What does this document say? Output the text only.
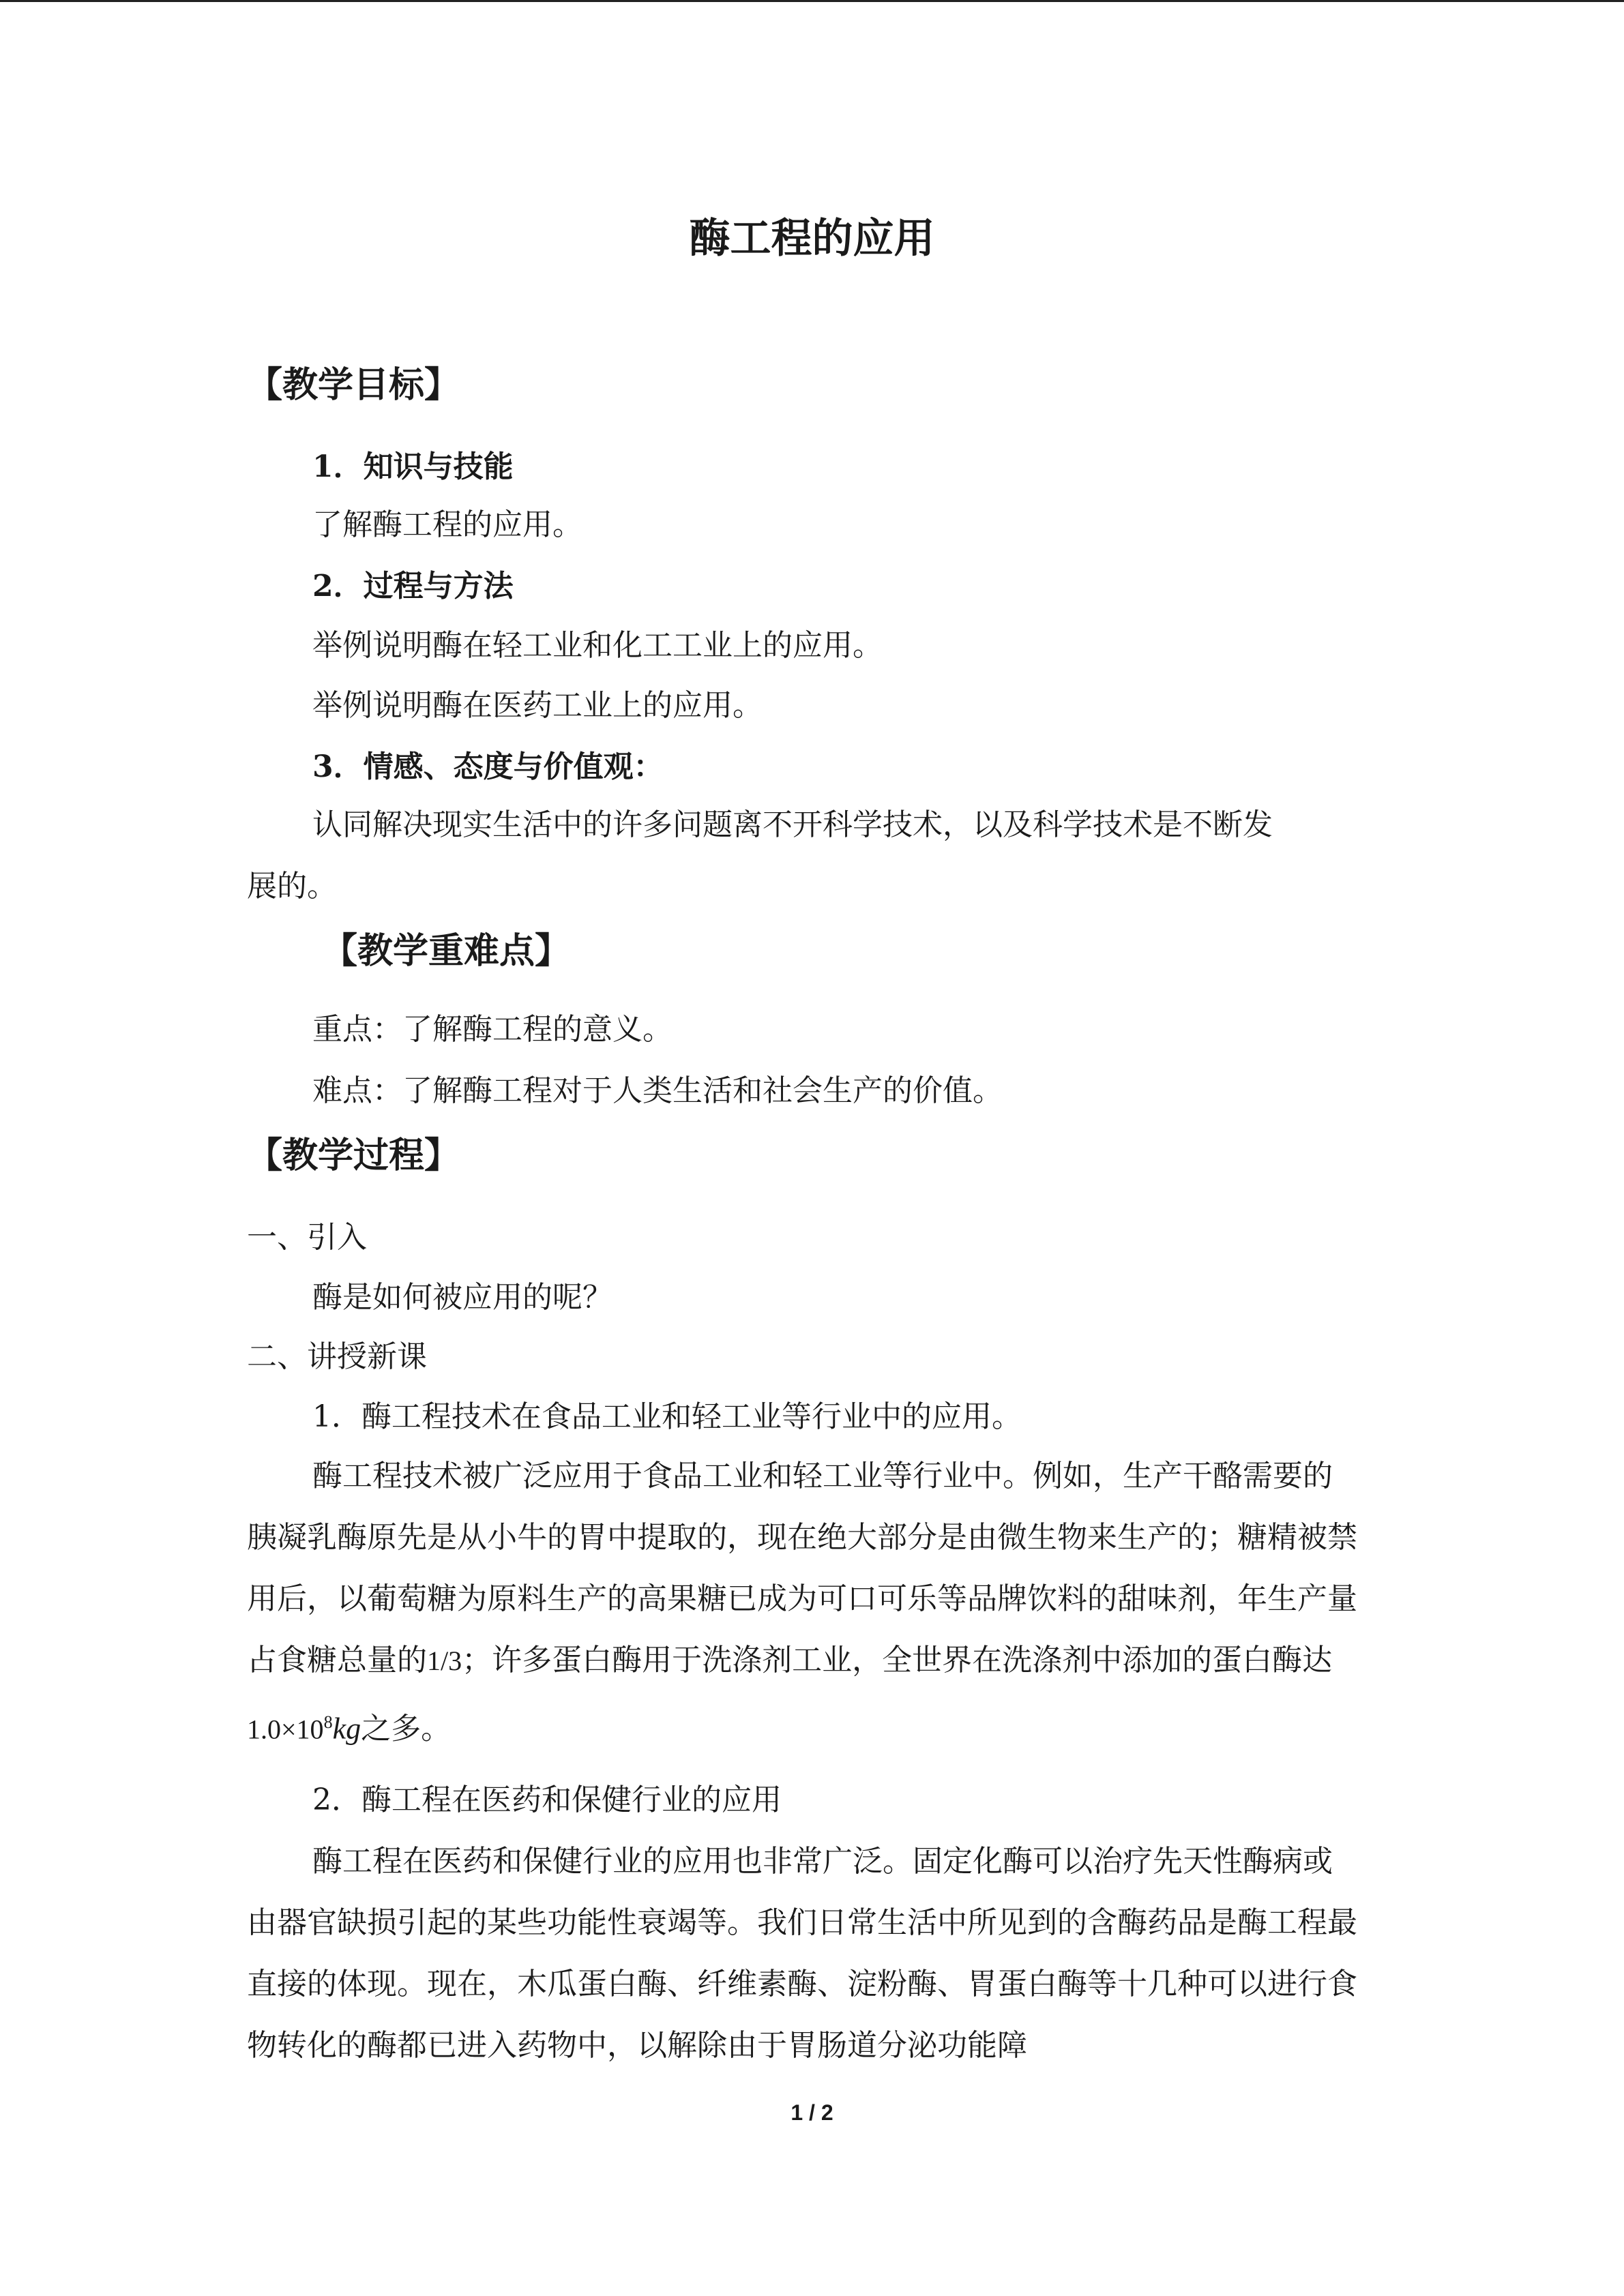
酶工程的应用
【教学目标】
1．知识与技能
了解酶工程的应用。
2．过程与方法
举例说明酶在轻工业和化工工业上的应用。
举例说明酶在医药工业上的应用。
3．情感、态度与价值观：
认同解决现实生活中的许多问题离不开科学技术，以及科学技术是不断发
展的。
【教学重难点】
重点：了解酶工程的意义。
难点：了解酶工程对于人类生活和社会生产的价值。
【教学过程】
一、引入
酶是如何被应用的呢？
二、讲授新课
1．酶工程技术在食品工业和轻工业等行业中的应用。
酶工程技术被广泛应用于食品工业和轻工业等行业中。例如，生产干酪需要的胰凝乳酶原先是从小牛的胃中提取的，现在绝大部分是由微生物来生产的；糖精被禁用后，以葡萄糖为原料生产的高果糖已成为可口可乐等品牌饮料的甜味剂，年生产量占食糖总量的1/3；许多蛋白酶用于洗涤剂工业，全世界在洗涤剂中添加的蛋白酶达$1.0\times 10^8kg$之多。
2．酶工程在医药和保健行业的应用
酶工程在医药和保健行业的应用也非常广泛。固定化酶可以治疗先天性酶病或由器官缺损引起的某些功能性衰竭等。我们日常生活中所见到的含酶药品是酶工程最直接的体现。现在，木瓜蛋白酶、纤维素酶、淀粉酶、胃蛋白酶等十几种可以进行食物转化的酶都已进入药物中，以解除由于胃肠道分泌功能障
1 / 2
